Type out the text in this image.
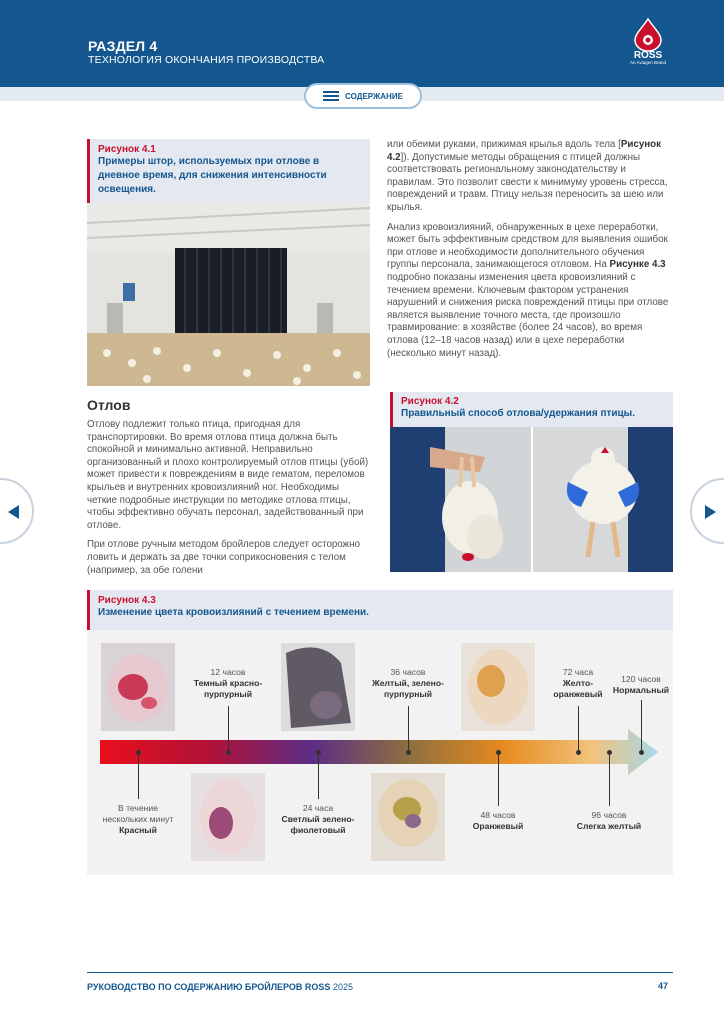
РАЗДЕЛ 4
ТЕХНОЛОГИЯ ОКОНЧАНИЯ ПРОИЗВОДСТВА	ROSS
An Aviagen Brand
СОДЕРЖАНИЕ
Рисунок 4.1
Примеры штор, используемых при отлове в дневное время, для снижения интенсивности освещения.
Отлов

Отлову подлежит только птица, пригодная для транспортировки. Во время отлова птица должна быть спокойной и минимально активной. Неправильно организованный и плохо контролируемый отлов птицы (убой) может привести к повреждениям в виде гематом, переломов крыльев и внутренних кровоизлияний ног. Необходимы четкие подробные инструкции по методике отлова птицы, чтобы эффективно обучать персонал, задействованный при отлове.

При отлове ручным методом бройлеров следует осторожно ловить и держать за две точки соприкосновения с телом (например, за обе голени

или обеими руками, прижимая крылья вдоль тела [Рисунок 4.2]). Допустимые методы обращения с птицей должны соответствовать региональному законодательству и правилам. Это позволит свести к минимуму уровень стресса, повреждений и травм. Птицу нельзя переносить за шею или крылья.

Анализ кровоизлияний, обнаруженных в цехе переработки, может быть эффективным средством для выявления ошибок при отлове и необходимости дополнительного обучения группы персонала, занимающегося отловом. На Рисунке 4.3 подробно показаны изменения цвета кровоизлияний с течением времени. Ключевым фактором устранения нарушений и снижения риска повреждений птицы при отлове является выявление точного места, где произошло травмирование: в хозяйстве (более 24 часов), во время отлова (12–18 часов назад) или в цехе переработки (несколько минут назад).

Рисунок 4.2
Правильный способ отлова/удержания птицы.
Рисунок 4.3
Изменение цвета кровоизлияний с течением времени.
В течение нескольких минут
Красный
12 часов
Темный красно-пурпурный
24 часа
Светлый зелено-фиолетовый
36 часов
Желтый, зелено-пурпурный
48 часов
Оранжевый
72 часа
Желто-оранжевый
96 часов
Слегка желтый
120 часов
Нормальный
РУКОВОДСТВО ПО СОДЕРЖАНИЮ БРОЙЛЕРОВ ROSS 2025	47
